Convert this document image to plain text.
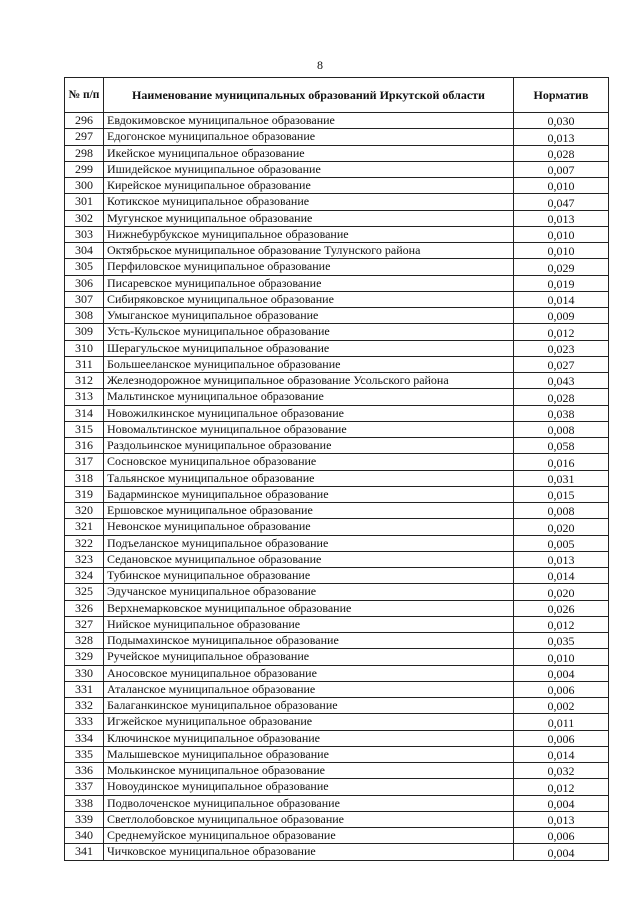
8
№ п/п	Наименование муниципальных образований Иркутской области	Норматив
296	Евдокимовское муниципальное образование	0,030
297	Едогонское муниципальное образование	0,013
298	Икейское муниципальное образование	0,028
299	Ишидейское муниципальное образование	0,007
300	Кирейское муниципальное образование	0,010
301	Котикское муниципальное образование	0,047
302	Мугунское муниципальное образование	0,013
303	Нижнебурбукское муниципальное образование	0,010
304	Октябрьское муниципальное образование Тулунского района	0,010
305	Перфиловское муниципальное образование	0,029
306	Писаревское муниципальное образование	0,019
307	Сибиряковское муниципальное образование	0,014
308	Умыганское муниципальное образование	0,009
309	Усть-Кульское муниципальное образование	0,012
310	Шерагульское муниципальное образование	0,023
311	Большееланское муниципальное образование	0,027
312	Железнодорожное муниципальное образование Усольского района	0,043
313	Мальтинское муниципальное образование	0,028
314	Новожилкинское муниципальное образование	0,038
315	Новомальтинское муниципальное образование	0,008
316	Раздольинское муниципальное образование	0,058
317	Сосновское муниципальное образование	0,016
318	Тальянское муниципальное образование	0,031
319	Бадарминское муниципальное образование	0,015
320	Ершовское муниципальное образование	0,008
321	Невонское муниципальное образование	0,020
322	Подъеланское муниципальное образование	0,005
323	Седановское муниципальное образование	0,013
324	Тубинское муниципальное образование	0,014
325	Эдучанское муниципальное образование	0,020
326	Верхнемарковское муниципальное образование	0,026
327	Нийское муниципальное образование	0,012
328	Подымахинское муниципальное образование	0,035
329	Ручейское муниципальное образование	0,010
330	Аносовское муниципальное образование	0,004
331	Аталанское муниципальное образование	0,006
332	Балаганкинское муниципальное образование	0,002
333	Игжейское муниципальное образование	0,011
334	Ключинское муниципальное образование	0,006
335	Малышевское муниципальное образование	0,014
336	Молькинское муниципальное образование	0,032
337	Новоудинское муниципальное образование	0,012
338	Подволоченское муниципальное образование	0,004
339	Светлолобовское муниципальное образование	0,013
340	Среднемуйское муниципальное образование	0,006
341	Чичковское муниципальное образование	0,004
